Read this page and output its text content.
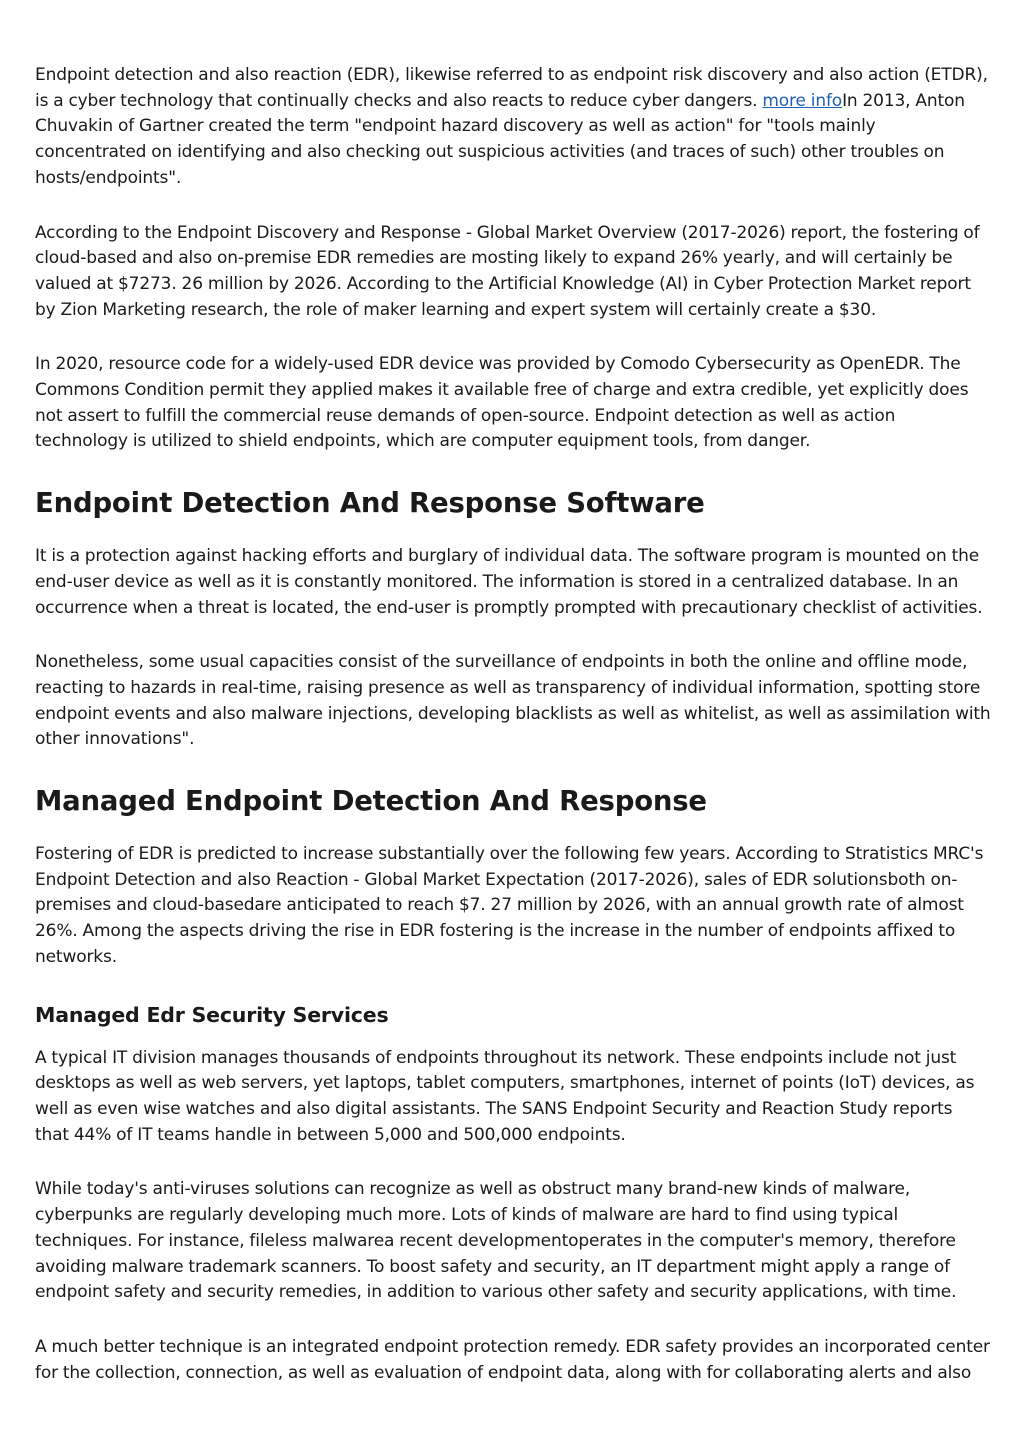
Endpoint detection and also reaction (EDR), likewise referred to as endpoint risk discovery and also action (ETDR), is a cyber technology that continually checks and also reacts to reduce cyber dangers. more infoIn 2013, Anton Chuvakin of Gartner created the term "endpoint hazard discovery as well as action" for "tools mainly concentrated on identifying and also checking out suspicious activities (and traces of such) other troubles on hosts/endpoints".

According to the Endpoint Discovery and Response - Global Market Overview (2017-2026) report, the fostering of cloud-based and also on-premise EDR remedies are mosting likely to expand 26% yearly, and will certainly be valued at $7273. 26 million by 2026. According to the Artificial Knowledge (AI) in Cyber Protection Market report by Zion Marketing research, the role of maker learning and expert system will certainly create a $30.

In 2020, resource code for a widely-used EDR device was provided by Comodo Cybersecurity as OpenEDR. The Commons Condition permit they applied makes it available free of charge and extra credible, yet explicitly does not assert to fulfill the commercial reuse demands of open-source. Endpoint detection as well as action technology is utilized to shield endpoints, which are computer equipment tools, from danger.

Endpoint Detection And Response Software

It is a protection against hacking efforts and burglary of individual data. The software program is mounted on the end-user device as well as it is constantly monitored. The information is stored in a centralized database. In an occurrence when a threat is located, the end-user is promptly prompted with precautionary checklist of activities.

Nonetheless, some usual capacities consist of the surveillance of endpoints in both the online and offline mode, reacting to hazards in real-time, raising presence as well as transparency of individual information, spotting store endpoint events and also malware injections, developing blacklists as well as whitelist, as well as assimilation with other innovations".

Managed Endpoint Detection And Response

Fostering of EDR is predicted to increase substantially over the following few years. According to Stratistics MRC's Endpoint Detection and also Reaction - Global Market Expectation (2017-2026), sales of EDR solutionsboth on-premises and cloud-basedare anticipated to reach $7. 27 million by 2026, with an annual growth rate of almost 26%. Among the aspects driving the rise in EDR fostering is the increase in the number of endpoints affixed to networks.

Managed Edr Security Services

A typical IT division manages thousands of endpoints throughout its network. These endpoints include not just desktops as well as web servers, yet laptops, tablet computers, smartphones, internet of points (IoT) devices, as well as even wise watches and also digital assistants. The SANS Endpoint Security and Reaction Study reports that 44% of IT teams handle in between 5,000 and 500,000 endpoints.

While today's anti-viruses solutions can recognize as well as obstruct many brand-new kinds of malware, cyberpunks are regularly developing much more. Lots of kinds of malware are hard to find using typical techniques. For instance, fileless malwarea recent developmentoperates in the computer's memory, therefore avoiding malware trademark scanners. To boost safety and security, an IT department might apply a range of endpoint safety and security remedies, in addition to various other safety and security applications, with time.

A much better technique is an integrated endpoint protection remedy. EDR safety provides an incorporated center for the collection, connection, as well as evaluation of endpoint data, along with for collaborating alerts and also
